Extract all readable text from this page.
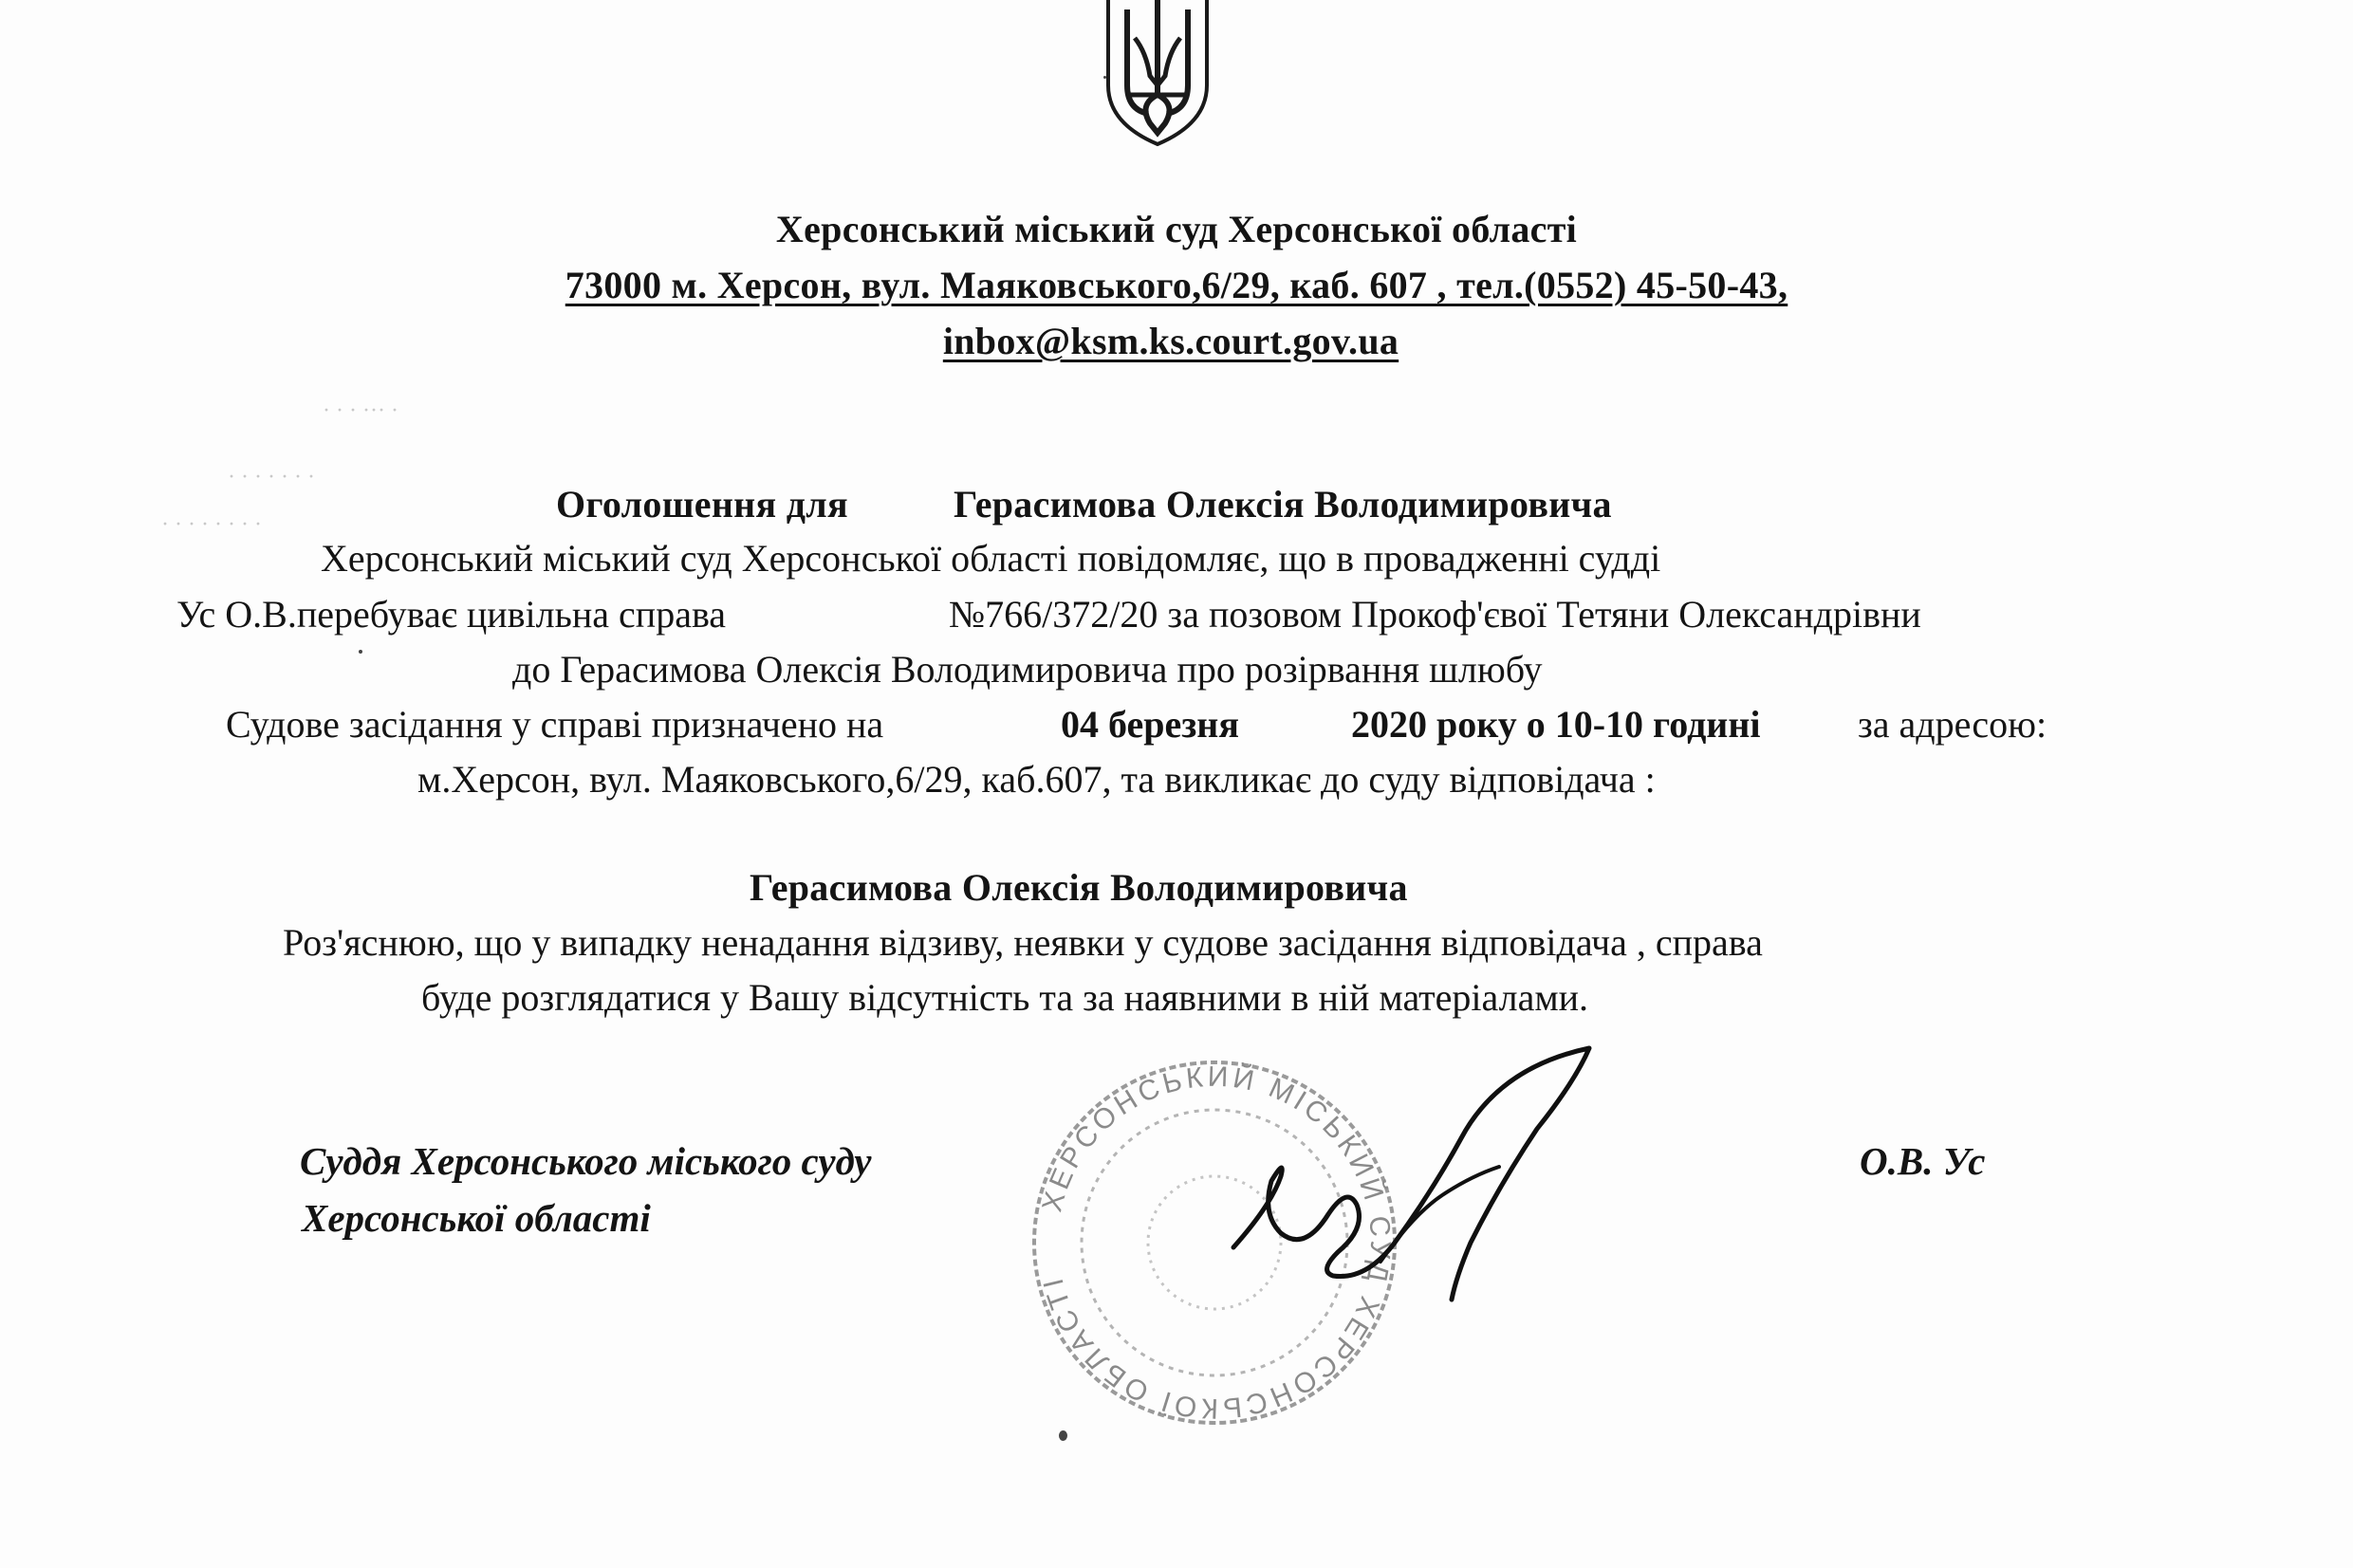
Херсонський міський суд Херсонської області
73000 м. Херсон, вул. Маяковського,6/29, каб. 607 , тел.(0552) 45-50-43,
inbox@ksm.ks.court.gov.ua
· · · ··· ·
· · · · · · ·
· · · · · · · ·	Оголошення для	Герасимова Олексія Володимировича
Херсонський міський суд Херсонської області повідомляє, що в провадженні судді
Ус О.В.перебуває цивільна справа	№766/372/20 за позовом Прокоф'євої Тетяни Олександрівни
до Герасимова Олексія Володимировича про розірвання шлюбу
Судове засідання у справі призначено на	04 березня	2020 року о 10-10 годині	за адресою:
м.Херсон, вул. Маяковського,6/29, каб.607, та викликає до суду відповідача :
Герасимова Олексія Володимировича
Роз'яснюю, що у випадку ненадання відзиву, неявки у судове засідання відповідача , справа
буде розглядатися у Вашу відсутність та за наявними в ній матеріалами.
ХЕРСОНСЬКИЙ МІСЬКИЙ СУД ХЕРСОНСЬКОЇ ОБЛАСТІ
Суддя Херсонського міського суду
Херсонської області
О.В. Ус
